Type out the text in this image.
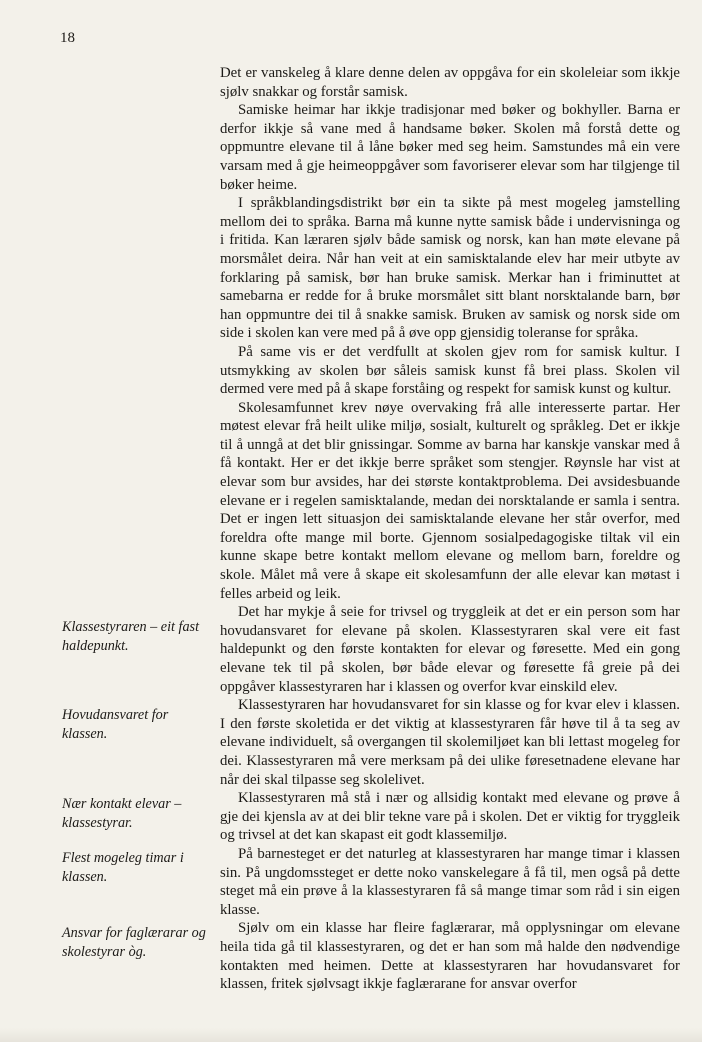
18
Klassestyraren – eit fast haldepunkt.
Hovudansvaret for klassen.
Nær kontakt elevar – klassestyrar.
Flest mogeleg timar i klassen.
Ansvar for faglærarar og skolestyrar òg.

Det er vanskeleg å klare denne delen av oppgåva for ein skoleleiar som ikkje sjølv snakkar og forstår samisk.

Samiske heimar har ikkje tradisjonar med bøker og bokhyller. Barna er derfor ikkje så vane med å handsame bøker. Skolen må forstå dette og oppmuntre elevane til å låne bøker med seg heim. Samstundes må ein vere varsam med å gje heimeoppgåver som favoriserer elevar som har tilgjenge til bøker heime.

I språkblandingsdistrikt bør ein ta sikte på mest mogeleg jamstelling mellom dei to språka. Barna må kunne nytte samisk både i undervisninga og i fritida. Kan læraren sjølv både samisk og norsk, kan han møte elevane på morsmålet deira. Når han veit at ein samisktalande elev har meir utbyte av forklaring på samisk, bør han bruke samisk. Merkar han i friminuttet at samebarna er redde for å bruke morsmålet sitt blant norsktalande barn, bør han oppmuntre dei til å snakke samisk. Bruken av samisk og norsk side om side i skolen kan vere med på å øve opp gjensidig toleranse for språka.

På same vis er det verdfullt at skolen gjev rom for samisk kultur. I utsmykking av skolen bør såleis samisk kunst få brei plass. Skolen vil dermed vere med på å skape forståing og respekt for samisk kunst og kultur.

Skolesamfunnet krev nøye overvaking frå alle interesserte partar. Her møtest elevar frå heilt ulike miljø, sosialt, kulturelt og språkleg. Det er ikkje til å unngå at det blir gnissingar. Somme av barna har kanskje vanskar med å få kontakt. Her er det ikkje berre språket som stengjer. Røynsle har vist at elevar som bur avsides, har dei største kontaktproblema. Dei avsidesbuande elevane er i regelen samisktalande, medan dei norsktalande er samla i sentra. Det er ingen lett situasjon dei samisktalande elevane her står overfor, med foreldra ofte mange mil borte. Gjennom sosialpedagogiske tiltak vil ein kunne skape betre kontakt mellom elevane og mellom barn, foreldre og skole. Målet må vere å skape eit skolesamfunn der alle elevar kan møtast i felles arbeid og leik.

Det har mykje å seie for trivsel og tryggleik at det er ein person som har hovudansvaret for elevane på skolen. Klassestyraren skal vere eit fast haldepunkt og den første kontakten for elevar og føresette. Med ein gong elevane tek til på skolen, bør både elevar og føresette få greie på dei oppgåver klassestyraren har i klassen og overfor kvar einskild elev.

Klassestyraren har hovudansvaret for sin klasse og for kvar elev i klassen. I den første skoletida er det viktig at klassestyraren får høve til å ta seg av elevane individuelt, så overgangen til skolemiljøet kan bli lettast mogeleg for dei. Klassestyraren må vere merksam på dei ulike føresetnadene elevane har når dei skal tilpasse seg skolelivet.

Klassestyraren må stå i nær og allsidig kontakt med elevane og prøve å gje dei kjensla av at dei blir tekne vare på i skolen. Det er viktig for tryggleik og trivsel at det kan skapast eit godt klassemiljø.

På barnesteget er det naturleg at klassestyraren har mange timar i klassen sin. På ungdomssteget er dette noko vanskelegare å få til, men også på dette steget må ein prøve å la klassestyraren få så mange timar som råd i sin eigen klasse.

Sjølv om ein klasse har fleire faglærarar, må opplysningar om elevane heila tida gå til klassestyraren, og det er han som må halde den nødvendige kontakten med heimen. Dette at klassestyraren har hovudansvaret for klassen, fritek sjølvsagt ikkje faglærarane for ansvar overfor
